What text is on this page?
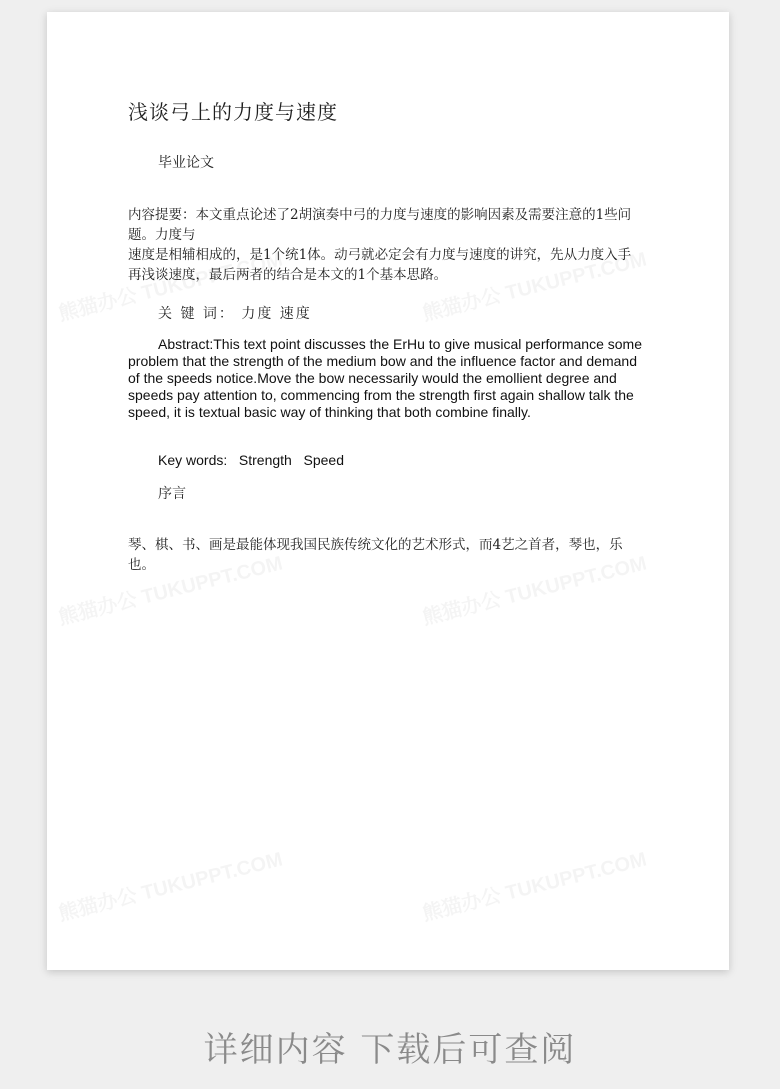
浅谈弓上的力度与速度
毕业论文

内容提要：本文重点论述了2胡演奏中弓的力度与速度的影响因素及需要注意的1些问题。力度与

速度是相辅相成的，是1个统1体。动弓就必定会有力度与速度的讲究，先从力度入手再浅谈速度，最后两者的结合是本文的1个基本思路。

关 键 词： 力度 速度
Abstract:This text point discusses the ErHu to give musical performance some problem that the strength of the medium bow and the influence factor and demand of the speeds notice.Move the bow necessarily would the emollient degree and speeds pay attention to, commencing from the strength first again shallow talk the speed, it is textual basic way of thinking that both combine finally.
Key words:   Strength   Speed
序言
琴、棋、书、画是最能体现我国民族传统文化的艺术形式，而4艺之首者，琴也，乐也。
详细内容 下载后可查阅
